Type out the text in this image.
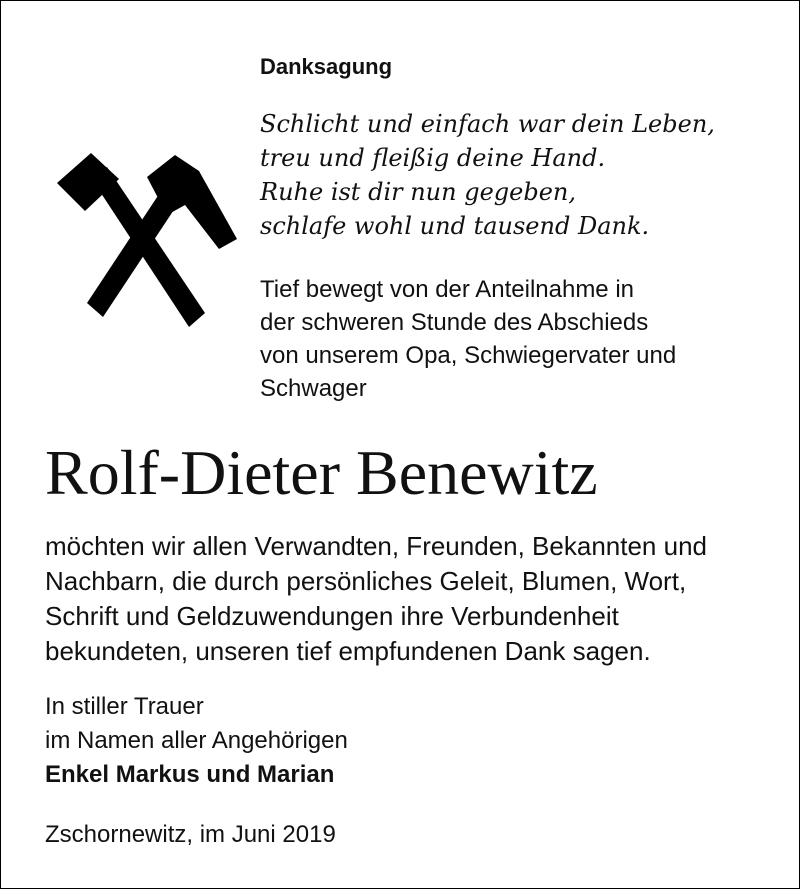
Danksagung
Schlicht und einfach war dein Leben,
treu und fleißig deine Hand.
Ruhe ist dir nun gegeben,
schlafe wohl und tausend Dank.
Tief bewegt von der Anteilnahme in
der schweren Stunde des Abschieds
von unserem Opa, Schwiegervater und
Schwager
Rolf-Dieter Benewitz
möchten wir allen Verwandten, Freunden, Bekannten und
Nachbarn, die durch persönliches Geleit, Blumen, Wort,
Schrift und Geldzuwendungen ihre Verbundenheit
bekundeten, unseren tief empfundenen Dank sagen.
In stiller Trauer
im Namen aller Angehörigen
Enkel Markus und Marian
Zschornewitz, im Juni 2019
